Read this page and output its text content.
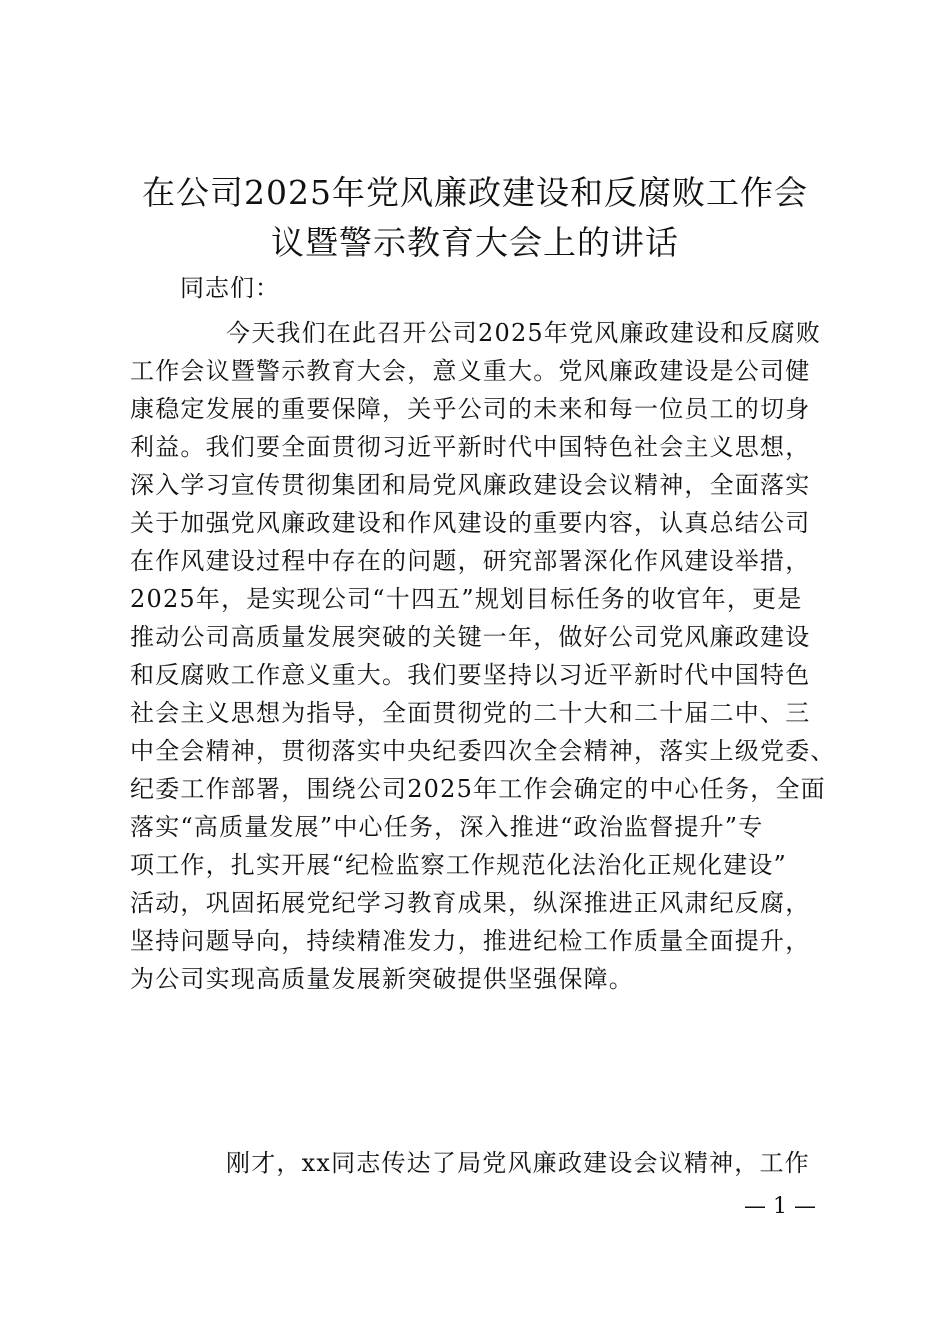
在公司2025年党风廉政建设和反腐败工作会
议暨警示教育大会上的讲话
同志们：
今天我们在此召开公司2025年党风廉政建设和反腐败
工作会议暨警示教育大会，意义重大。党风廉政建设是公司健
康稳定发展的重要保障，关乎公司的未来和每一位员工的切身
利益。我们要全面贯彻习近平新时代中国特色社会主义思想，
深入学习宣传贯彻集团和局党风廉政建设会议精神，全面落实
关于加强党风廉政建设和作风建设的重要内容，认真总结公司
在作风建设过程中存在的问题，研究部署深化作风建设举措，
2025年，是实现公司“十四五”规划目标任务的收官年，更是
推动公司高质量发展突破的关键一年，做好公司党风廉政建设
和反腐败工作意义重大。我们要坚持以习近平新时代中国特色
社会主义思想为指导，全面贯彻党的二十大和二十届二中、三
中全会精神，贯彻落实中央纪委四次全会精神，落实上级党委、
纪委工作部署，围绕公司2025年工作会确定的中心任务，全面
落实“高质量发展”中心任务，深入推进“政治监督提升”专
项工作，扎实开展“纪检监察工作规范化法治化正规化建设”
活动，巩固拓展党纪学习教育成果，纵深推进正风肃纪反腐，
坚持问题导向，持续精准发力，推进纪检工作质量全面提升，
为公司实现高质量发展新突破提供坚强保障。
刚才，xx同志传达了局党风廉政建设会议精神，工作
— 1 —
